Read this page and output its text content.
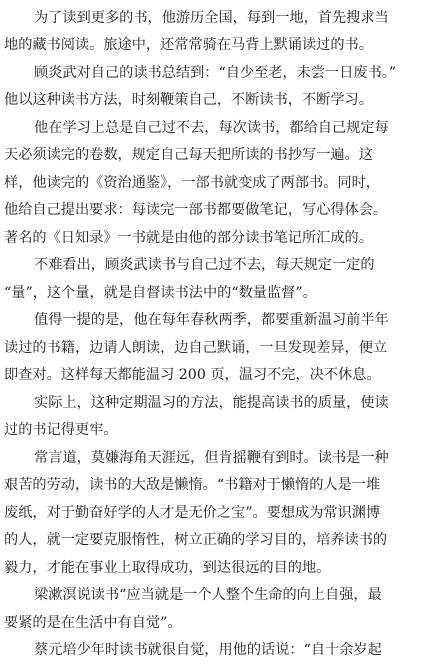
为了读到更多的书，他游历全国，每到一地，首先搜求当
地的藏书阅读。旅途中，还常常骑在马背上默诵读过的书。
顾炎武对自己的读书总结到：“自少至老，未尝一日废书。”
他以这种读书方法，时刻鞭策自己，不断读书，不断学习。
他在学习上总是自己过不去，每次读书，都给自己规定每
天必须读完的卷数，规定自己每天把所读的书抄写一遍。这
样，他读完的《资治通鉴》，一部书就变成了两部书。同时，
他给自己提出要求：每读完一部书都要做笔记，写心得体会。
著名的《日知录》一书就是由他的部分读书笔记所汇成的。
不难看出，顾炎武读书与自己过不去，每天规定一定的
“量”，这个量，就是自督读书法中的“数量监督”。
值得一提的是，他在每年春秋两季，都要重新温习前半年
读过的书籍，边请人朗读，边自己默诵，一旦发现差异，便立
即查对。这样每天都能温习 200 页，温习不完，决不休息。
实际上，这种定期温习的方法，能提高读书的质量，使读
过的书记得更牢。
常言道，莫嫌海角天涯远，但肯摇鞭有到时。读书是一种
艰苦的劳动，读书的大敌是懒惰。“书籍对于懒惰的人是一堆
废纸，对于勤奋好学的人才是无价之宝”。要想成为常识渊博
的人，就一定要克服惰性，树立正确的学习目的，培养读书的
毅力，才能在事业上取得成功，到达很远的目的地。
梁漱溟说读书“应当就是一个人整个生命的向上自强，最
要紧的是在生活中有自觉”。
蔡元培少年时读书就很自觉，用他的话说：“自十余岁起
